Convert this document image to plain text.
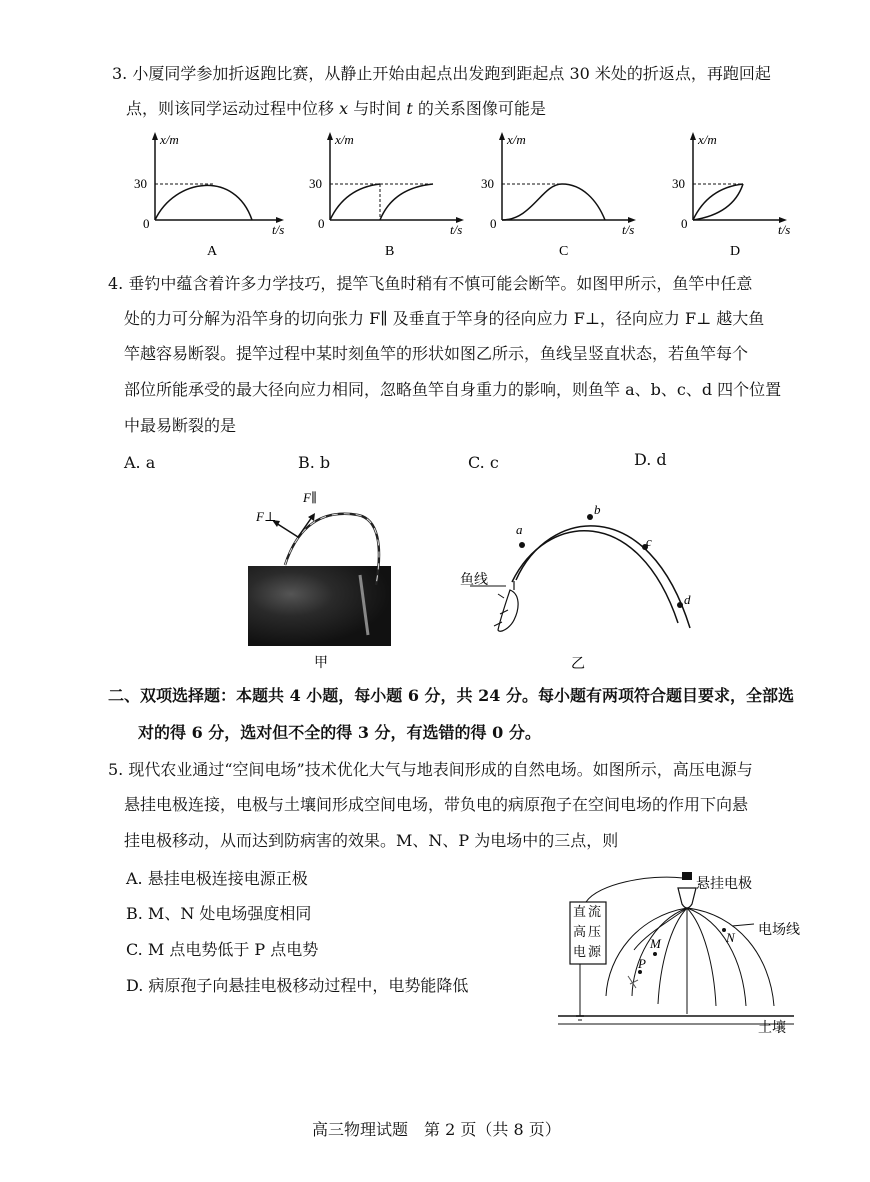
3. 小厦同学参加折返跑比赛，从静止开始由起点出发跑到距起点 30 米处的折返点，再跑回起
点，则该同学运动过程中位移 x 与时间 t 的关系图像可能是
x/m
30
0	t/s
A
x/m
30
0	t/s
B
x/m
30
0	t/s
C
x/m
30
0	t/s
D
4. 垂钓中蕴含着许多力学技巧，提竿飞鱼时稍有不慎可能会断竿。如图甲所示，鱼竿中任意
处的力可分解为沿竿身的切向张力 F∥ 及垂直于竿身的径向应力 F⊥，径向应力 F⊥ 越大鱼
竿越容易断裂。提竿过程中某时刻鱼竿的形状如图乙所示，鱼线呈竖直状态，若鱼竿每个
部位所能承受的最大径向应力相同，忽略鱼竿自身重力的影响，则鱼竿 a、b、c、d 四个位置
中最易断裂的是
A. a	B. b	C. c	D. d
F⊥
F∥
甲
鱼线
a
b
c
d
乙
二、双项选择题：本题共 4 小题，每小题 6 分，共 24 分。每小题有两项符合题目要求，全部选
对的得 6 分，选对但不全的得 3 分，有选错的得 0 分。
5. 现代农业通过“空间电场”技术优化大气与地表间形成的自然电场。如图所示，高压电源与
悬挂电极连接，电极与土壤间形成空间电场，带负电的病原孢子在空间电场的作用下向悬
挂电极移动，从而达到防病害的效果。M、N、P 为电场中的三点，则
A. 悬挂电极连接电源正极
B. M、N 处电场强度相同
C. M 点电势低于 P 点电势
D. 病原孢子向悬挂电极移动过程中，电势能降低
直 流
高 压
电 源
悬挂电极
电场线
M	N
P
土壤
高三物理试题　第 2 页（共 8 页）
